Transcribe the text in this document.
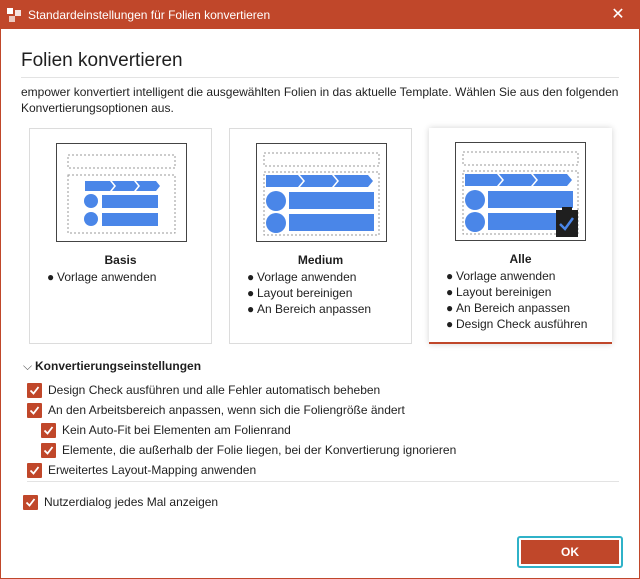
Standardeinstellungen für Folien konvertieren	✕
Folien konvertieren
empower konvertiert intelligent die ausgewählten Folien in das aktuelle Template. Wählen Sie aus den folgenden Konvertierungsoptionen aus.
Basis
● Vorlage anwenden
Medium
● Vorlage anwenden
● Layout bereinigen
● An Bereich anpassen
Alle
● Vorlage anwenden
● Layout bereinigen
● An Bereich anpassen
● Design Check ausführen
⌵ Konvertierungseinstellungen
Design Check ausführen und alle Fehler automatisch beheben
An den Arbeitsbereich anpassen, wenn sich die Foliengröße ändert
Kein Auto-Fit bei Elementen am Folienrand
Elemente, die außerhalb der Folie liegen, bei der Konvertierung ignorieren
Erweitertes Layout-Mapping anwenden
Nutzerdialog jedes Mal anzeigen
OK
